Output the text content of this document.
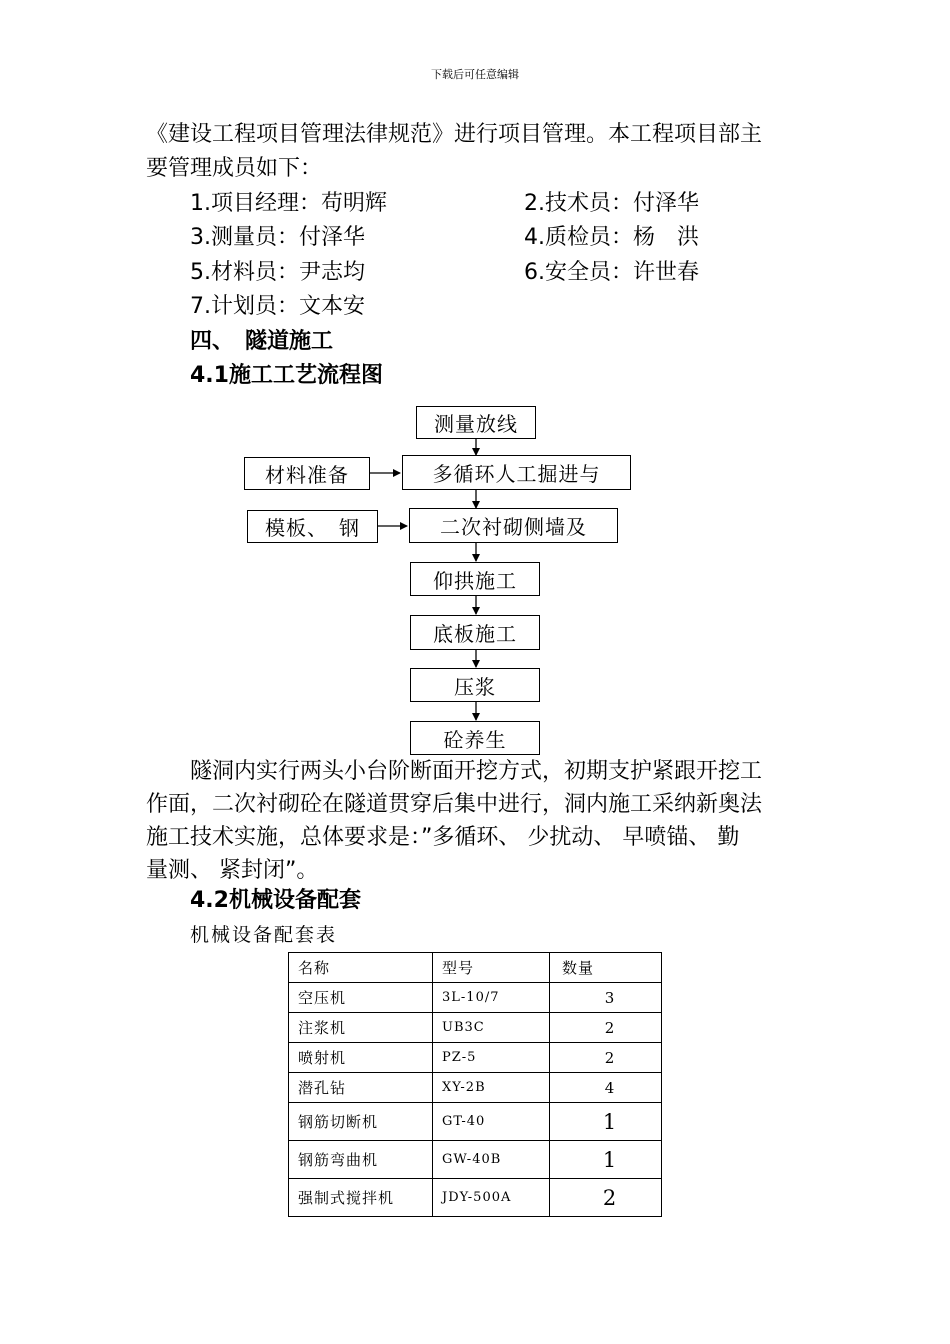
下载后可任意编辑
《建设工程项目管理法律规范》进行项目管理。本工程项目部主
要管理成员如下：
1.项目经理：苟明辉	2.技术员：付泽华
3.测量员：付泽华	4.质检员：杨　洪
5.材料员：尹志均	6.安全员：许世春
7.计划员：文本安
四、　隧道施工
4.1施工工艺流程图
测量放线
材料准备	多循环人工掘进与
模板、　钢	二次衬砌侧墙及
仰拱施工
底板施工
压浆
砼养生
隧洞内实行两头小台阶断面开挖方式，初期支护紧跟开挖工
作面，二次衬砌砼在隧道贯穿后集中进行，洞内施工采纳新奥法
施工技术实施，总体要求是：”多循环、 少扰动、 早喷锚、 勤
量测、 紧封闭”。
4.2机械设备配套
机械设备配套表
名称	型号	数量
空压机	3L-10/7	3
注浆机	UB3C	2
喷射机	PZ-5	2
潜孔钻	XY-2B	4
钢筋切断机	GT-40	1
钢筋弯曲机	GW-40B	1
强制式搅拌机	JDY-500A	2
